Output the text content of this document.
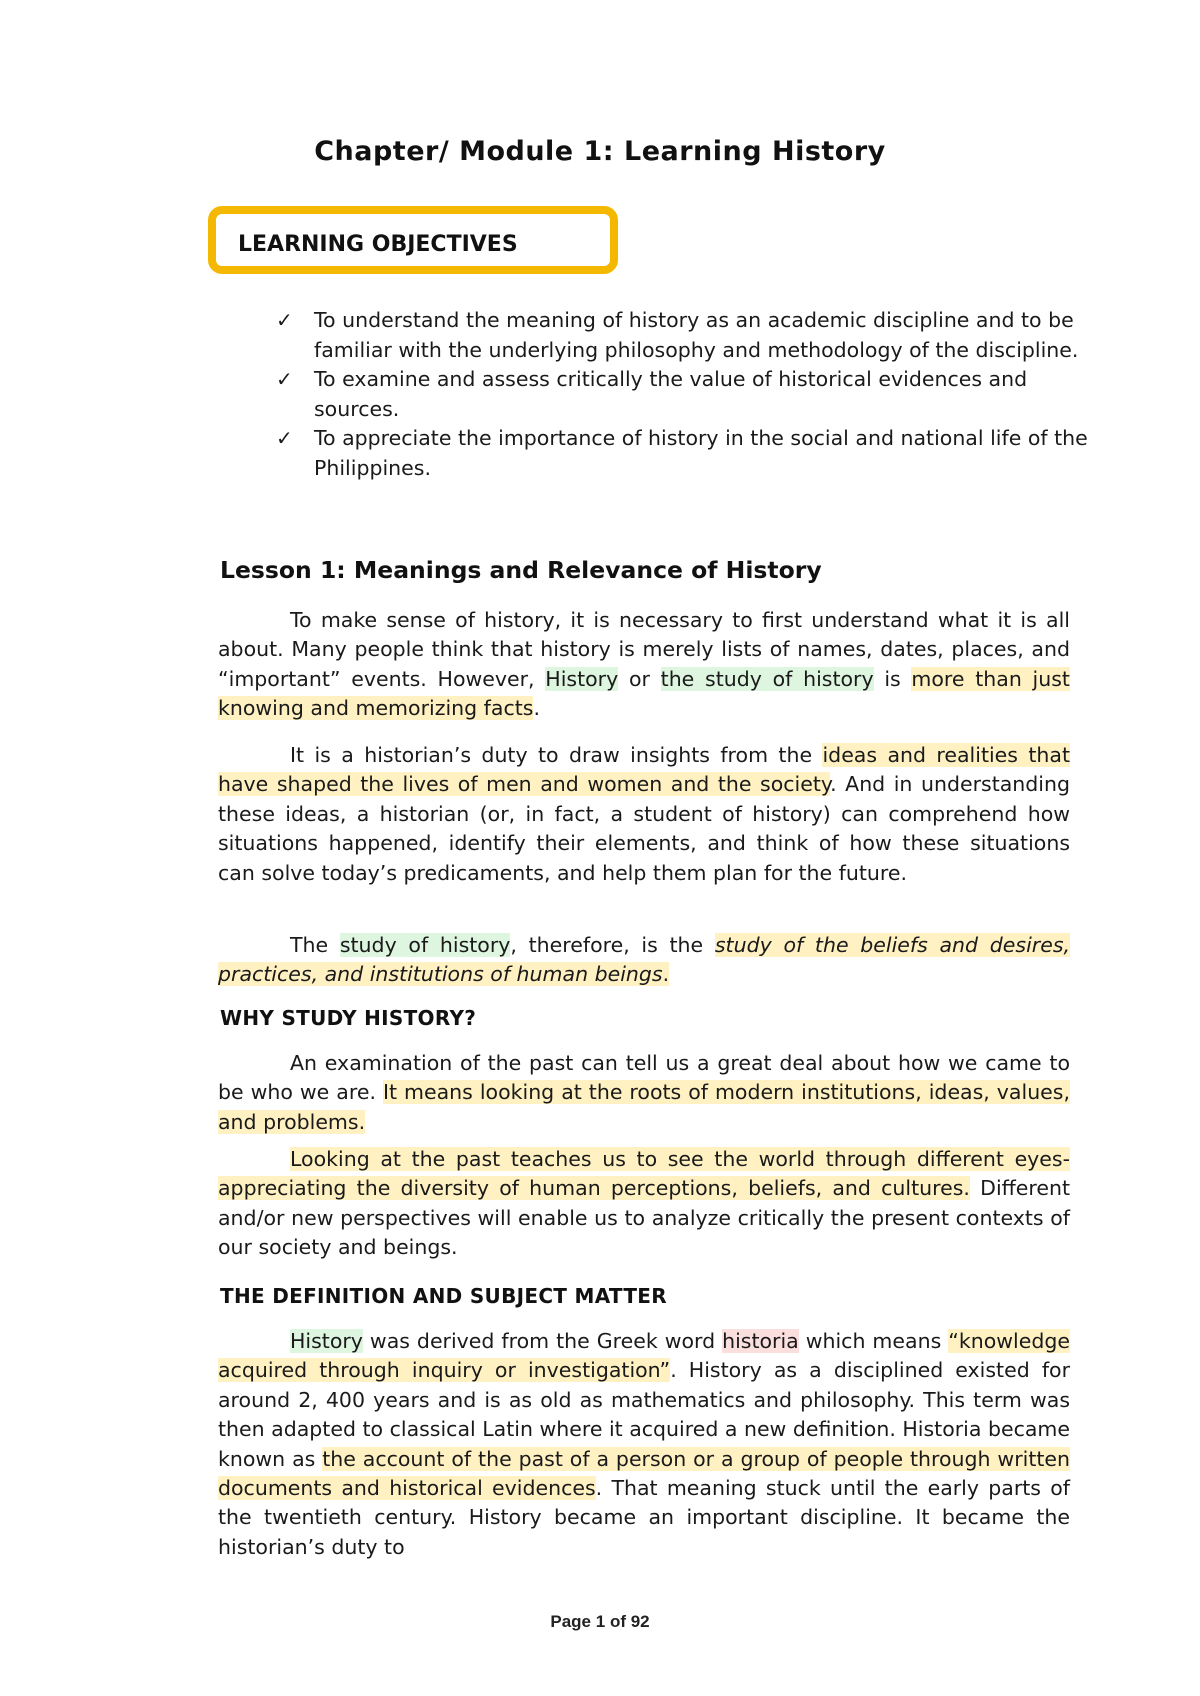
Chapter/ Module 1: Learning History
LEARNING OBJECTIVES
✓ To understand the meaning of history as an academic discipline and to be familiar with the underlying philosophy and methodology of the discipline.
✓ To examine and assess critically the value of historical evidences and sources.
✓ To appreciate the importance of history in the social and national life of the Philippines.
Lesson 1: Meanings and Relevance of History
To make sense of history, it is necessary to first understand what it is all about. Many people think that history is merely lists of names, dates, places, and “important” events. However, History or the study of history is more than just knowing and memorizing facts.
It is a historian’s duty to draw insights from the ideas and realities that have shaped the lives of men and women and the society. And in understanding these ideas, a historian (or, in fact, a student of history) can comprehend how situations happened, identify their elements, and think of how these situations can solve today’s predicaments, and help them plan for the future.
The study of history, therefore, is the study of the beliefs and desires, practices, and institutions of human beings.
WHY STUDY HISTORY?
An examination of the past can tell us a great deal about how we came to be who we are. It means looking at the roots of modern institutions, ideas, values, and problems.
Looking at the past teaches us to see the world through different eyes- appreciating the diversity of human perceptions, beliefs, and cultures. Different and/or new perspectives will enable us to analyze critically the present contexts of our society and beings.
THE DEFINITION AND SUBJECT MATTER
History was derived from the Greek word historia which means “knowledge acquired through inquiry or investigation”. History as a disciplined existed for around 2, 400 years and is as old as mathematics and philosophy. This term was then adapted to classical Latin where it acquired a new definition. Historia became known as the account of the past of a person or a group of people through written documents and historical evidences. That meaning stuck until the early parts of the twentieth century. History became an important discipline. It became the historian’s duty to
Page 1 of 92
